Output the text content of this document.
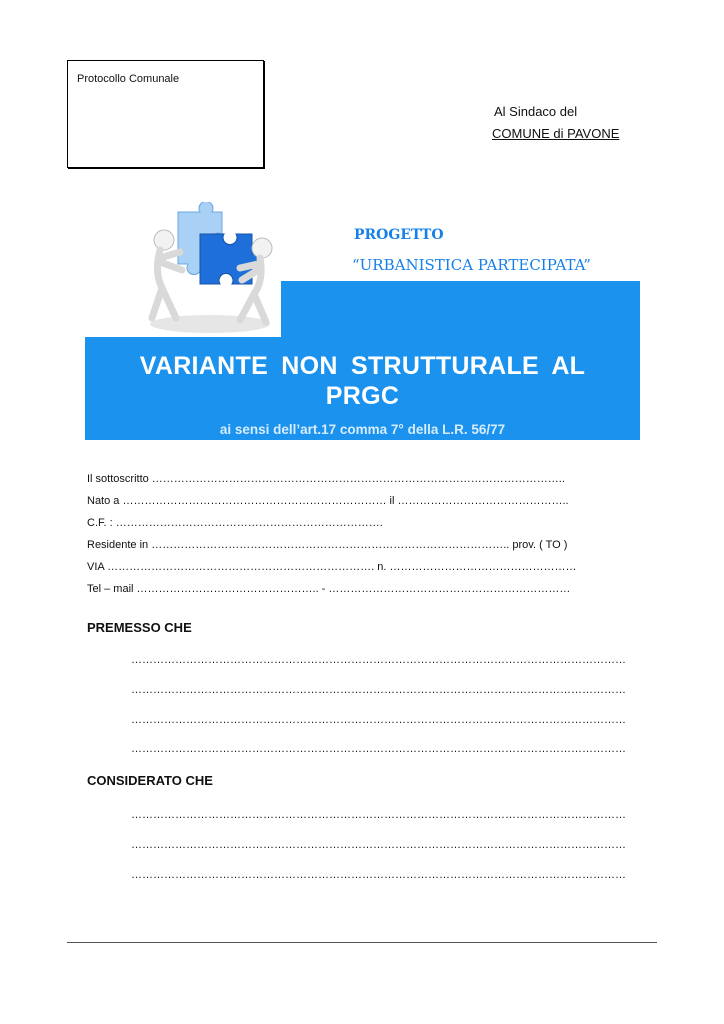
Protocollo Comunale
Al Sindaco del
COMUNE di PAVONE
PROGETTO
“URBANISTICA PARTECIPATA”
VARIANTE NON STRUTTURALE AL
PRGC
ai sensi dell’art.17 comma 7° della L.R. 56/77
Il sottoscritto …………………………………………………………………………………………………..
Nato a ……………………………………………………………… il ………………………………………..
C.F. : ……………………………………………………………….
Residente in …………………………………………………………………………………….. prov. ( TO )
VIA ………………………………………………………………. n. ……………………………………………
Tel – mail ………………………………………….. - …………………………………………………………
PREMESSO CHE
………………………………………………………………………………………………………………………
………………………………………………………………………………………………………………………
………………………………………………………………………………………………………………………
………………………………………………………………………………………………………………………
CONSIDERATO CHE
………………………………………………………………………………………………………………………
………………………………………………………………………………………………………………………
………………………………………………………………………………………………………………………
